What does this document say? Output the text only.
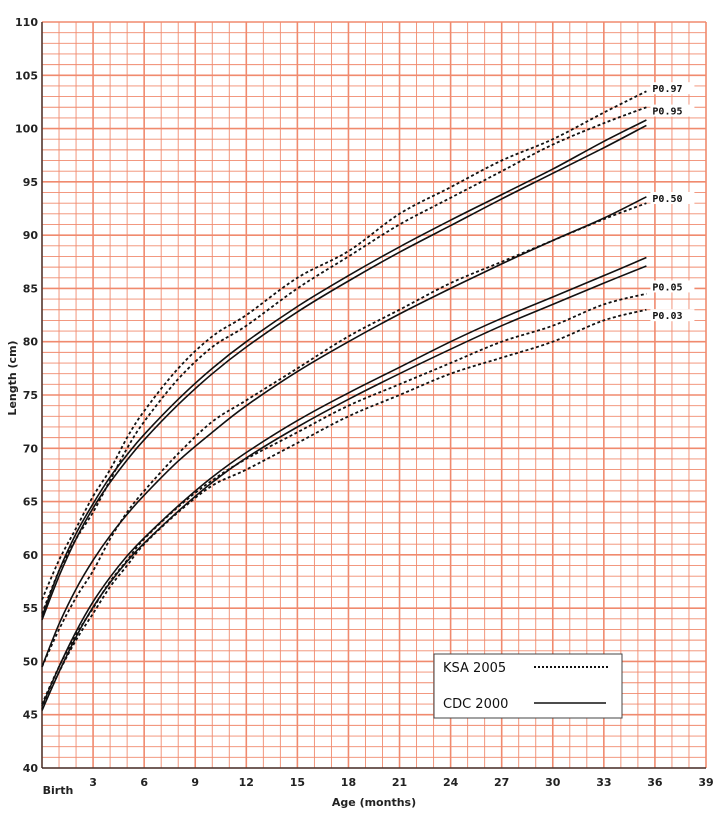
P0.97
P0.95
P0.50
P0.05
P0.03
40
45
50
55
60
65
70
75
80
85
90
95
100
105
110
Birth
3	6	9	12	15	18	21	24	27	30	33	36	39
Length (cm)
Age (months)
KSA 2005
CDC 2000
